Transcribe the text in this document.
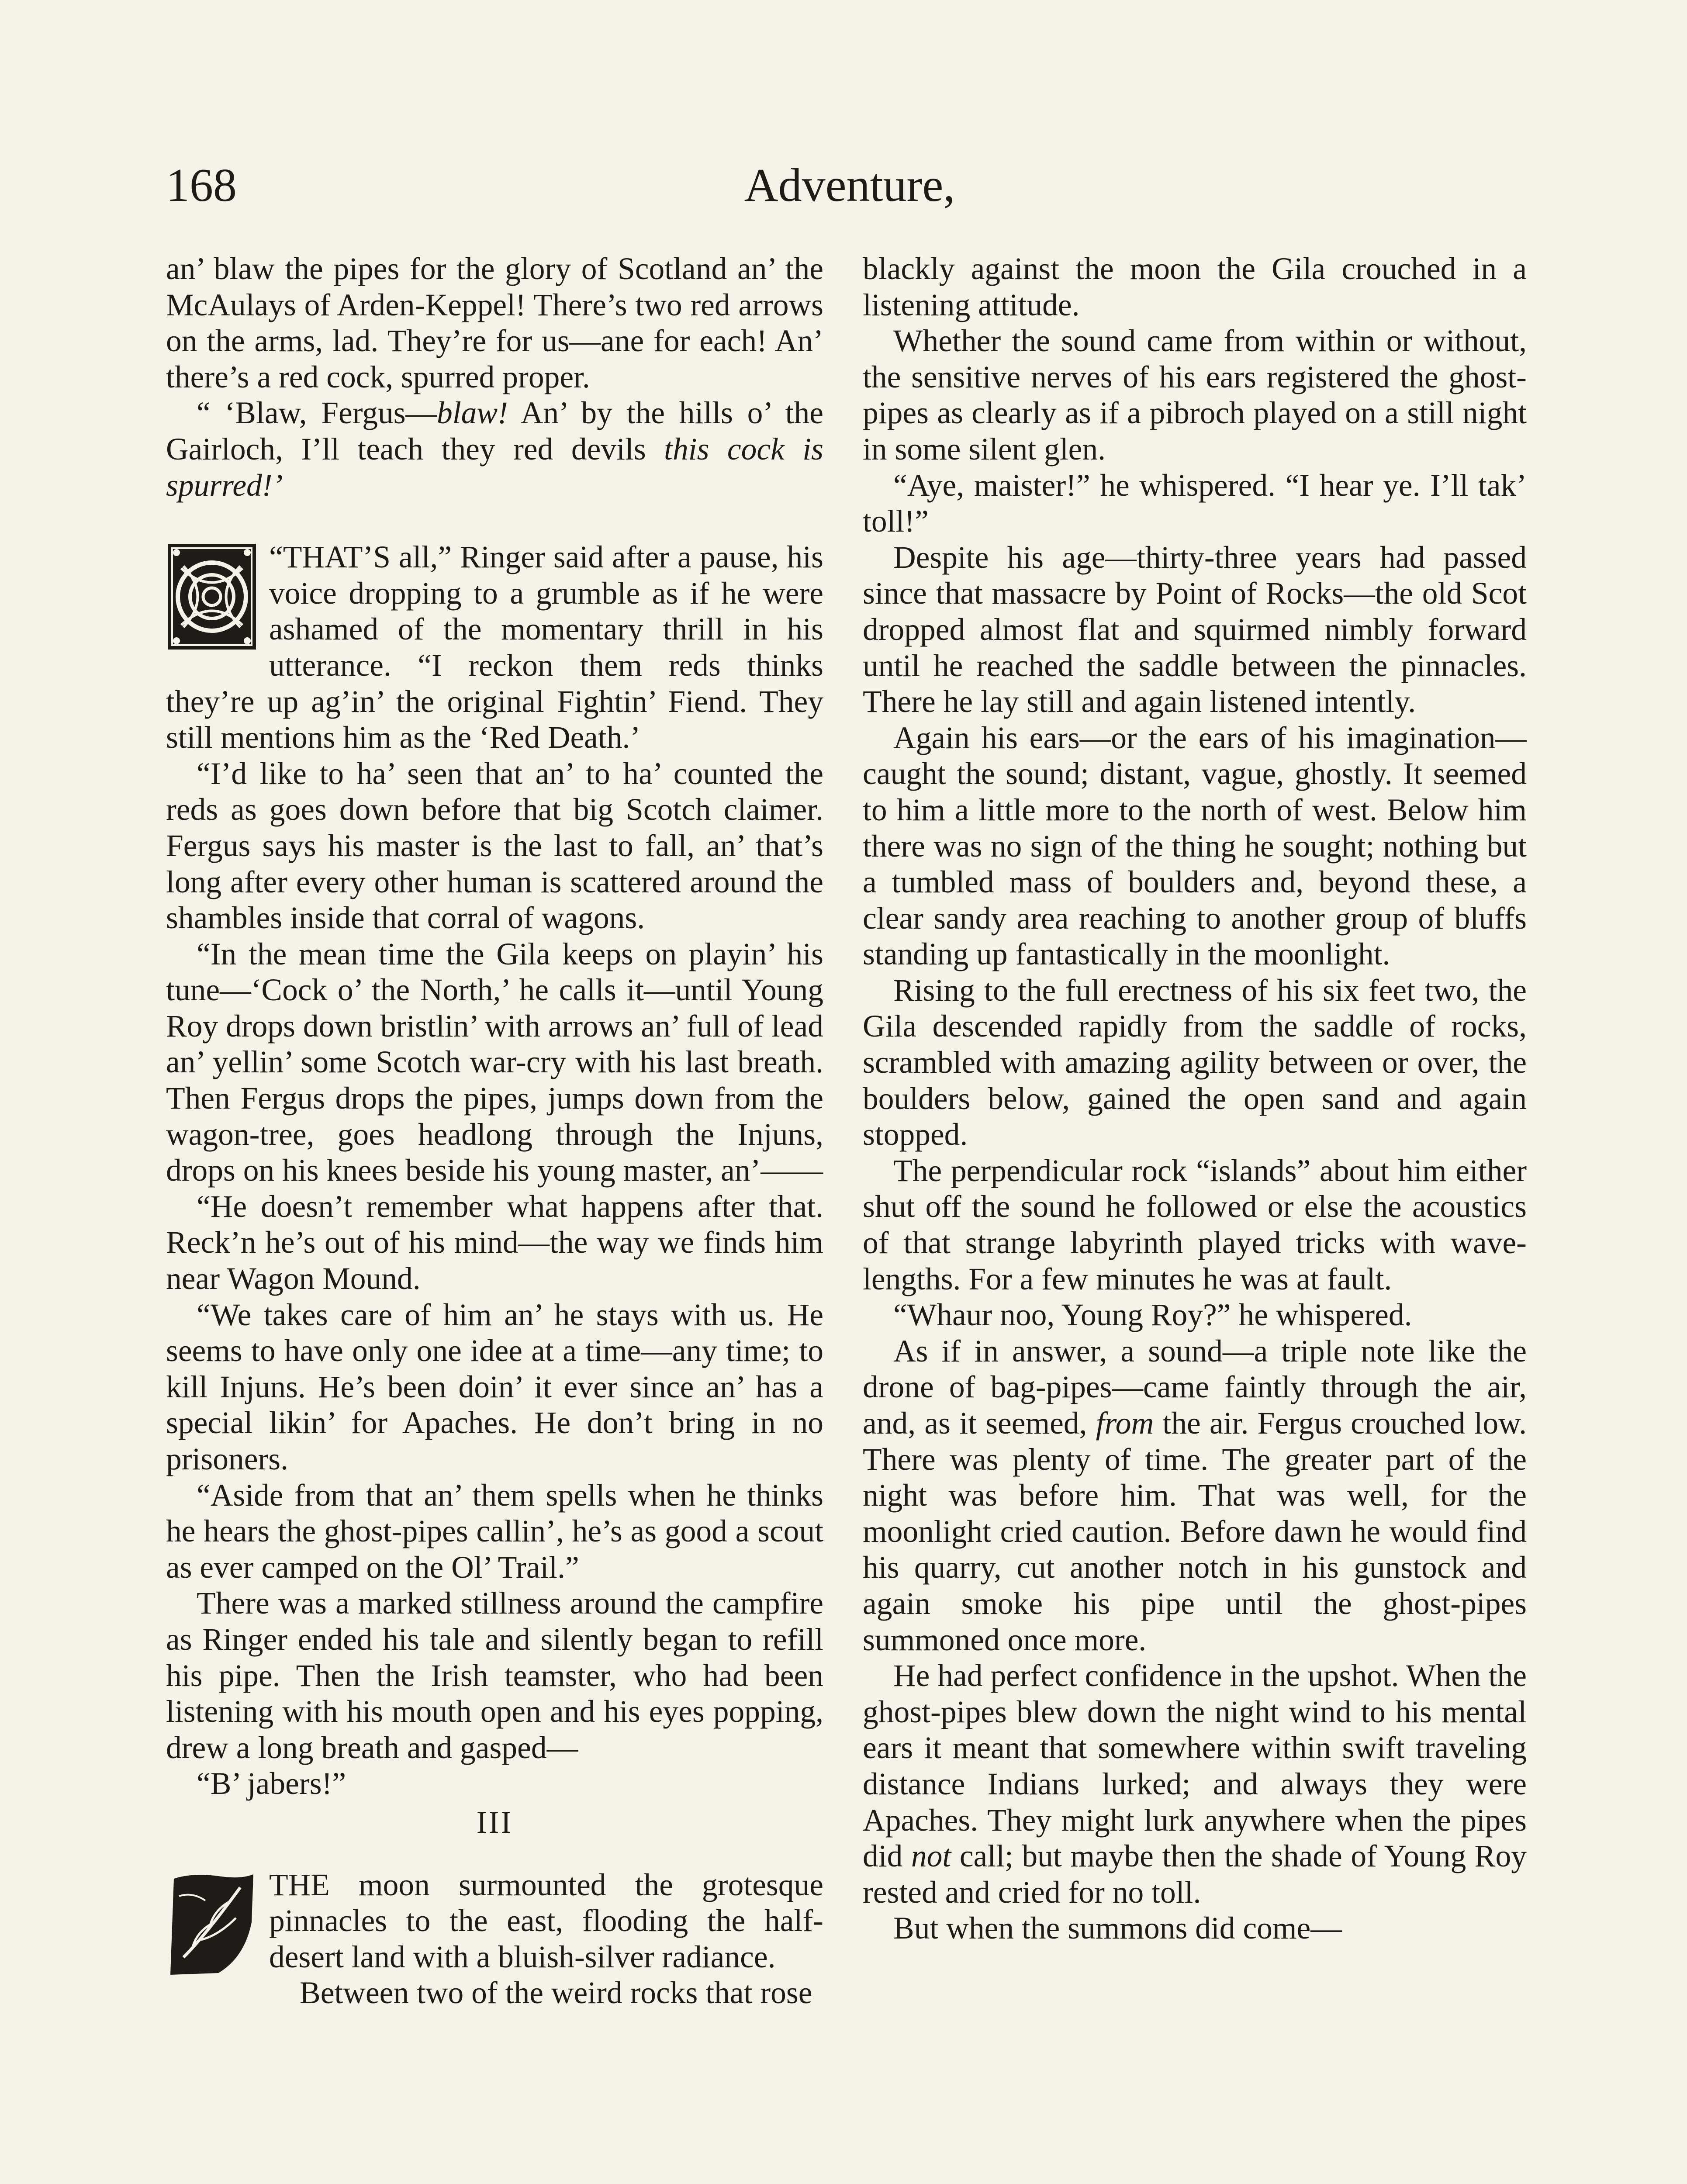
168	Adventure,

an’ blaw the pipes for the glory of Scotland an’ the McAulays of Arden-Keppel! There’s two red arrows on the arms, lad. They’re for us—ane for each! An’ there’s a red cock, spurred proper.

“ ‘Blaw, Fergus—blaw! An’ by the hills o’ the Gairloch, I’ll teach they red devils this cock is spurred!’

“THAT’S all,” Ringer said after a pause, his voice dropping to a grumble as if he were ashamed of the momentary thrill in his utterance. “I reckon them reds thinks they’re up ag’in’ the original Fightin’ Fiend. They still mentions him as the ‘Red Death.’

“I’d like to ha’ seen that an’ to ha’ counted the reds as goes down before that big Scotch claimer. Fergus says his master is the last to fall, an’ that’s long after every other human is scattered around the shambles inside that corral of wagons.

“In the mean time the Gila keeps on playin’ his tune—‘Cock o’ the North,’ he calls it—until Young Roy drops down bristlin’ with arrows an’ full of lead an’ yellin’ some Scotch war-cry with his last breath. Then Fergus drops the pipes, jumps down from the wagon-tree, goes headlong through the Injuns, drops on his knees beside his young master, an’——

“He doesn’t remember what happens after that. Reck’n he’s out of his mind—the way we finds him near Wagon Mound.

“We takes care of him an’ he stays with us. He seems to have only one idee at a time—any time; to kill Injuns. He’s been doin’ it ever since an’ has a special likin’ for Apaches. He don’t bring in no prisoners.

“Aside from that an’ them spells when he thinks he hears the ghost-pipes callin’, he’s as good a scout as ever camped on the Ol’ Trail.”

There was a marked stillness around the campfire as Ringer ended his tale and silently began to refill his pipe. Then the Irish teamster, who had been listening with his mouth open and his eyes popping, drew a long breath and gasped—

“B’ jabers!”

III

THE moon surmounted the grotesque pinnacles to the east, flooding the half-desert land with a bluish-silver radiance.

Between two of the weird rocks that rose

blackly against the moon the Gila crouched in a listening attitude.

Whether the sound came from within or without, the sensitive nerves of his ears registered the ghost-pipes as clearly as if a pibroch played on a still night in some silent glen.

“Aye, maister!” he whispered. “I hear ye. I’ll tak’ toll!”

Despite his age—thirty-three years had passed since that massacre by Point of Rocks—the old Scot dropped almost flat and squirmed nimbly forward until he reached the saddle between the pinnacles. There he lay still and again listened intently.

Again his ears—or the ears of his imagination—caught the sound; distant, vague, ghostly. It seemed to him a little more to the north of west. Below him there was no sign of the thing he sought; nothing but a tumbled mass of boulders and, beyond these, a clear sandy area reaching to another group of bluffs standing up fantastically in the moonlight.

Rising to the full erectness of his six feet two, the Gila descended rapidly from the saddle of rocks, scrambled with amazing agility between or over, the boulders below, gained the open sand and again stopped.

The perpendicular rock “islands” about him either shut off the sound he followed or else the acoustics of that strange labyrinth played tricks with wave-lengths. For a few minutes he was at fault.

“Whaur noo, Young Roy?” he whispered.

As if in answer, a sound—a triple note like the drone of bag-pipes—came faintly through the air, and, as it seemed, from the air. Fergus crouched low. There was plenty of time. The greater part of the night was before him. That was well, for the moonlight cried caution. Before dawn he would find his quarry, cut another notch in his gunstock and again smoke his pipe until the ghost-pipes summoned once more.

He had perfect confidence in the upshot. When the ghost-pipes blew down the night wind to his mental ears it meant that somewhere within swift traveling distance Indians lurked; and always they were Apaches. They might lurk anywhere when the pipes did not call; but maybe then the shade of Young Roy rested and cried for no toll.

But when the summons did come—
